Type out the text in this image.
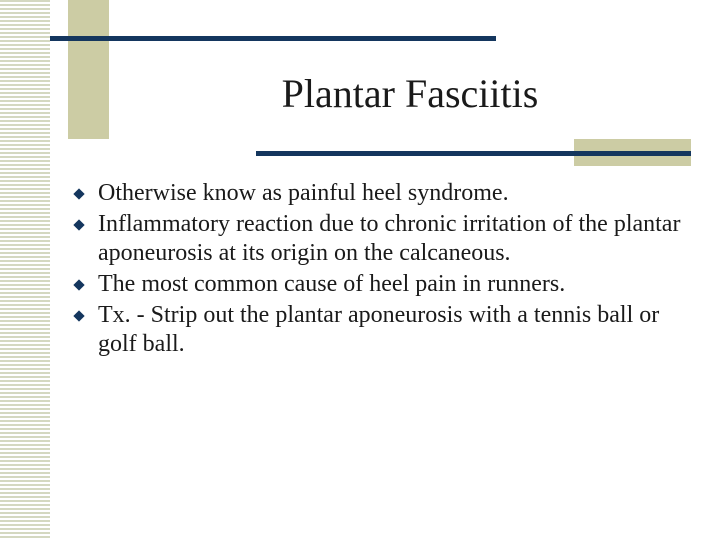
Plantar Fasciitis
Otherwise know as painful heel syndrome.
Inflammatory reaction due to chronic irritation of the plantar aponeurosis at its origin on the calcaneous.
The most common cause of heel pain in runners.
Tx. - Strip out the plantar aponeurosis with a tennis ball or golf ball.
